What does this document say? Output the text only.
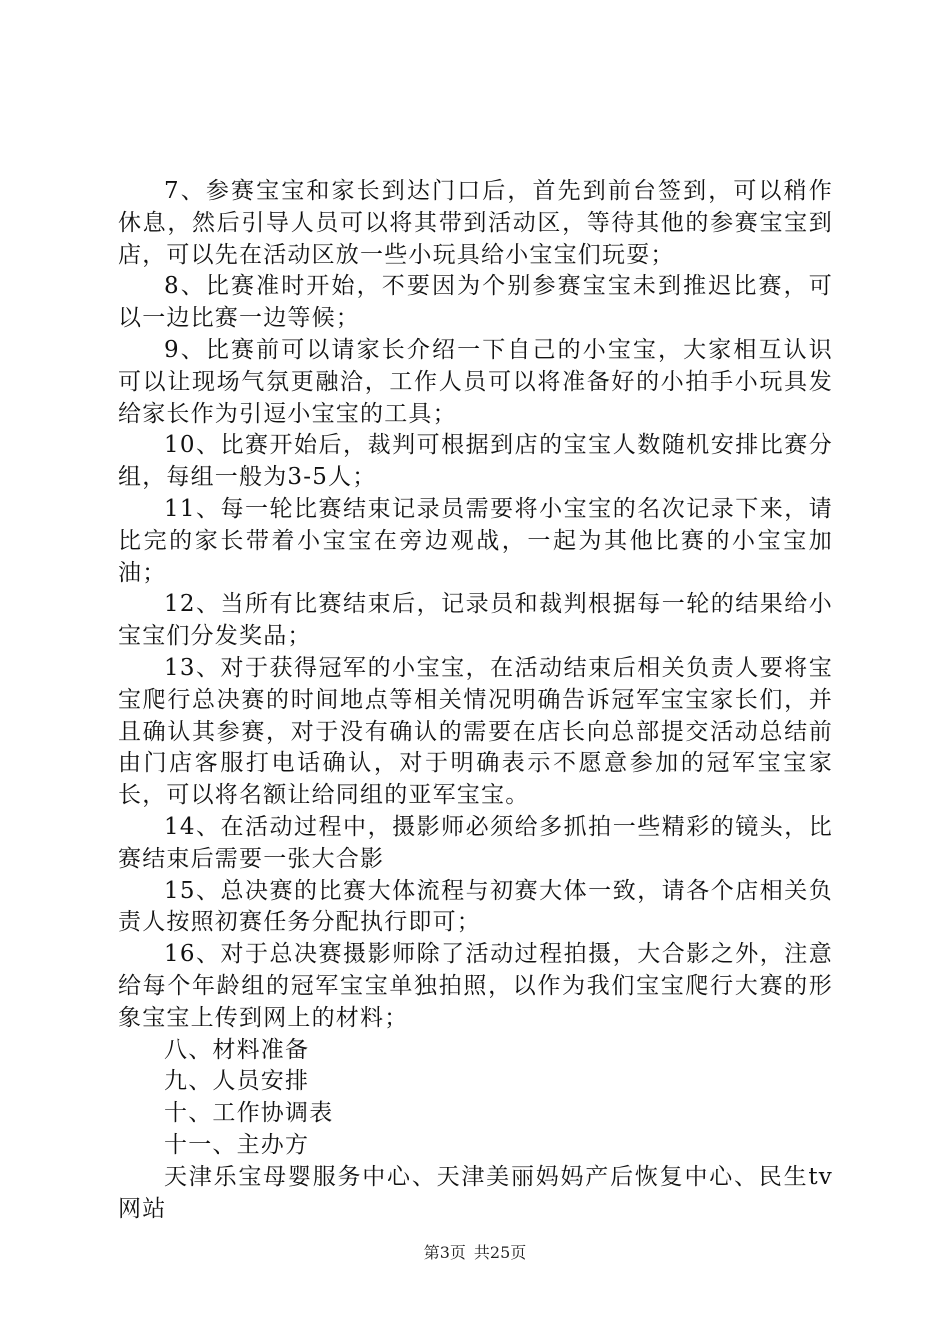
7、参赛宝宝和家长到达门口后，首先到前台签到，可以稍作休息，然后引导人员可以将其带到活动区，等待其他的参赛宝宝到店，可以先在活动区放一些小玩具给小宝宝们玩耍；

8、比赛准时开始，不要因为个别参赛宝宝未到推迟比赛，可以一边比赛一边等候；

9、比赛前可以请家长介绍一下自己的小宝宝，大家相互认识可以让现场气氛更融洽，工作人员可以将准备好的小拍手小玩具发给家长作为引逗小宝宝的工具；

10、比赛开始后，裁判可根据到店的宝宝人数随机安排比赛分组，每组一般为3-5人；

11、每一轮比赛结束记录员需要将小宝宝的名次记录下来，请比完的家长带着小宝宝在旁边观战，一起为其他比赛的小宝宝加油；

12、当所有比赛结束后，记录员和裁判根据每一轮的结果给小宝宝们分发奖品；

13、对于获得冠军的小宝宝，在活动结束后相关负责人要将宝宝爬行总决赛的时间地点等相关情况明确告诉冠军宝宝家长们，并且确认其参赛，对于没有确认的需要在店长向总部提交活动总结前由门店客服打电话确认，对于明确表示不愿意参加的冠军宝宝家长，可以将名额让给同组的亚军宝宝。

14、在活动过程中，摄影师必须给多抓拍一些精彩的镜头，比赛结束后需要一张大合影

15、总决赛的比赛大体流程与初赛大体一致，请各个店相关负责人按照初赛任务分配执行即可；

16、对于总决赛摄影师除了活动过程拍摄，大合影之外，注意给每个年龄组的冠军宝宝单独拍照，以作为我们宝宝爬行大赛的形象宝宝上传到网上的材料；

八、材料准备

九、人员安排

十、工作协调表

十一、主办方

天津乐宝母婴服务中心、天津美丽妈妈产后恢复中心、民生tv网站

第3页 共25页
